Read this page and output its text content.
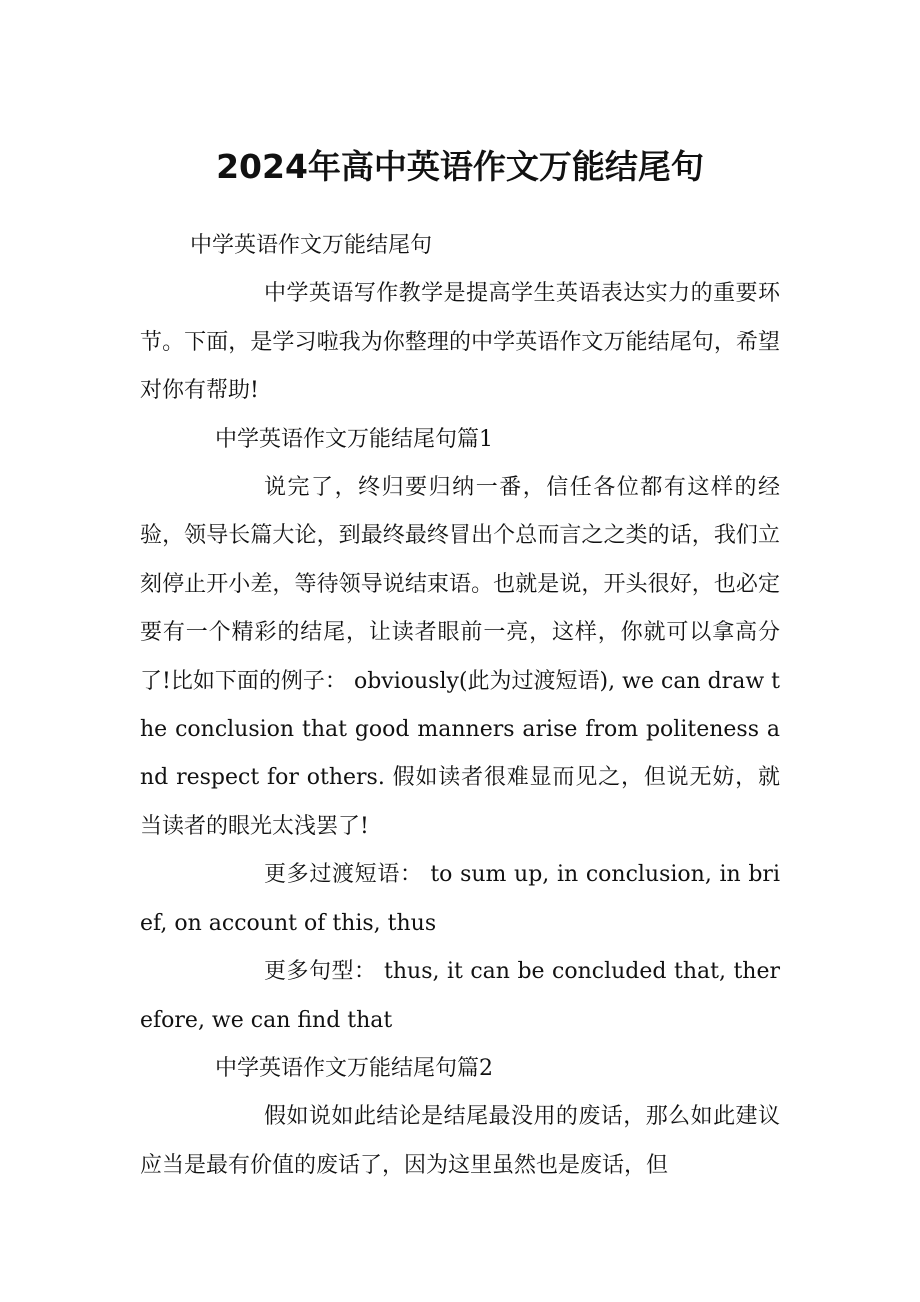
2024年高中英语作文万能结尾句

中学英语作文万能结尾句

中学英语写作教学是提高学生英语表达实力的重要环节。下面，是学习啦我为你整理的中学英语作文万能结尾句，希望对你有帮助!

中学英语作文万能结尾句篇1

说完了，终归要归纳一番，信任各位都有这样的经验，领导长篇大论，到最终最终冒出个总而言之之类的话，我们立刻停止开小差，等待领导说结束语。也就是说，开头很好，也必定要有一个精彩的结尾，让读者眼前一亮，这样，你就可以拿高分了!比如下面的例子： obviously(此为过渡短语), we can draw the conclusion that good manners arise from politeness and respect for others. 假如读者很难显而见之，但说无妨，就当读者的眼光太浅罢了!

更多过渡短语： to sum up, in conclusion, in brief, on account of this, thus

更多句型： thus, it can be concluded that, therefore, we can find that

中学英语作文万能结尾句篇2

假如说如此结论是结尾最没用的废话，那么如此建议应当是最有价值的废话了，因为这里虽然也是废话，但
